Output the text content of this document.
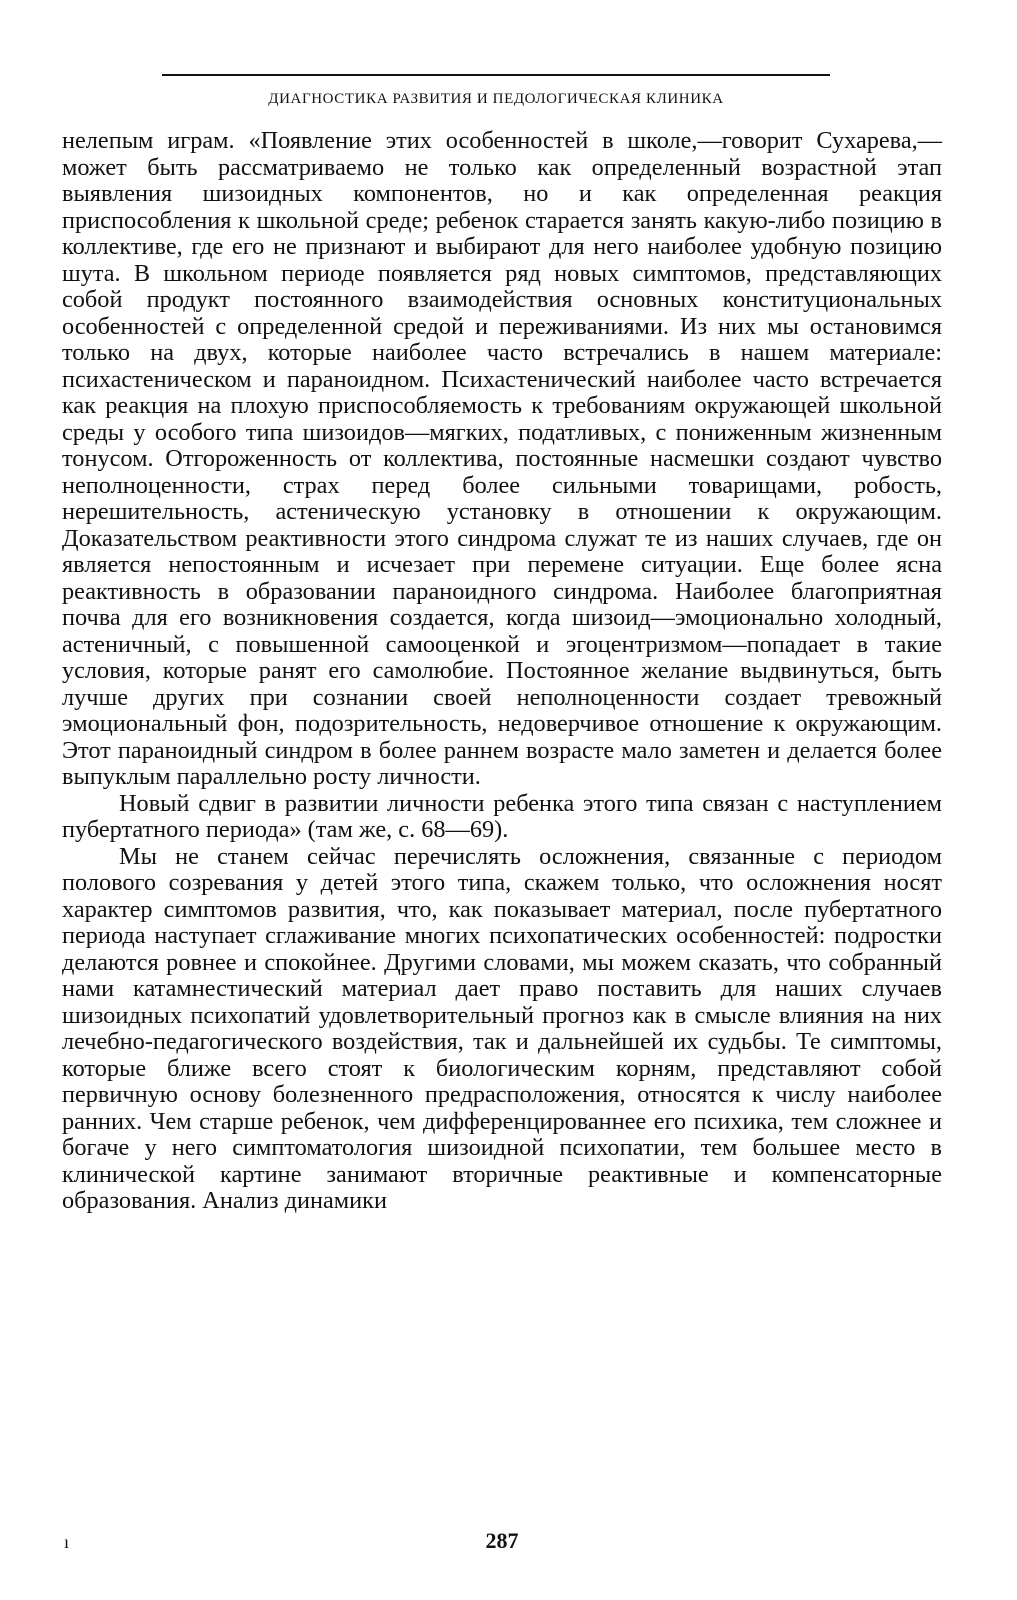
ДИАГНОСТИКА РАЗВИТИЯ И ПЕДОЛОГИЧЕСКАЯ КЛИНИКА

нелепым играм. «Появление этих особенностей в школе,—говорит Сухарева,—может быть рассматриваемо не только как определенный возрастной этап выявления шизоидных компонентов, но и как определенная реакция приспособления к школьной среде; ребенок старается занять какую-либо позицию в коллективе, где его не признают и выбирают для него наиболее удобную позицию шута. В школьном периоде появляется ряд новых симптомов, представляющих собой продукт постоянного взаимодействия основных конституциональных особенностей с определенной средой и переживаниями. Из них мы остановимся только на двух, которые наиболее часто встречались в нашем материале: психастеническом и параноидном. Психастенический наиболее часто встречается как реакция на плохую приспособляемость к требованиям окружающей школьной среды у особого типа шизоидов—мягких, податливых, с пониженным жизненным тонусом. Отгороженность от коллектива, постоянные насмешки создают чувство неполноценности, страх перед более сильными товарищами, робость, нерешительность, астеническую установку в отношении к окружающим. Доказательством реактивности этого синдрома служат те из наших случаев, где он является непостоянным и исчезает при перемене ситуации. Еще более ясна реактивность в образовании параноидного синдрома. Наиболее благоприятная почва для его возникновения создается, когда шизоид—эмоционально холодный, астеничный, с повышенной самооценкой и эгоцентризмом—попадает в такие условия, которые ранят его самолюбие. Постоянное желание выдвинуться, быть лучше других при сознании своей неполноценности создает тревожный эмоциональный фон, подозрительность, недоверчивое отношение к окружающим. Этот параноидный синдром в более раннем возрасте мало заметен и делается более выпуклым параллельно росту личности.

Новый сдвиг в развитии личности ребенка этого типа связан с наступлением пубертатного периода» (там же, с. 68—69).

Мы не станем сейчас перечислять осложнения, связанные с периодом полового созревания у детей этого типа, скажем только, что осложнения носят характер симптомов развития, что, как показывает материал, после пубертатного периода наступает сглаживание многих психопатических особенностей: подростки делаются ровнее и спокойнее. Другими словами, мы можем сказать, что собранный нами катамнестический материал дает право поставить для наших случаев шизоидных психопатий удовлетворительный прогноз как в смысле влияния на них лечебно-педагогического воздействия, так и дальнейшей их судьбы. Те симптомы, которые ближе всего стоят к биологическим корням, представляют собой первичную основу болезненного предрасположения, относятся к числу наиболее ранних. Чем старше ребенок, чем дифференцированнее его психика, тем сложнее и богаче у него симптоматология шизоидной психопатии, тем большее место в клинической картине занимают вторичные реактивные и компенсаторные образования. Анализ динамики

ı	287
